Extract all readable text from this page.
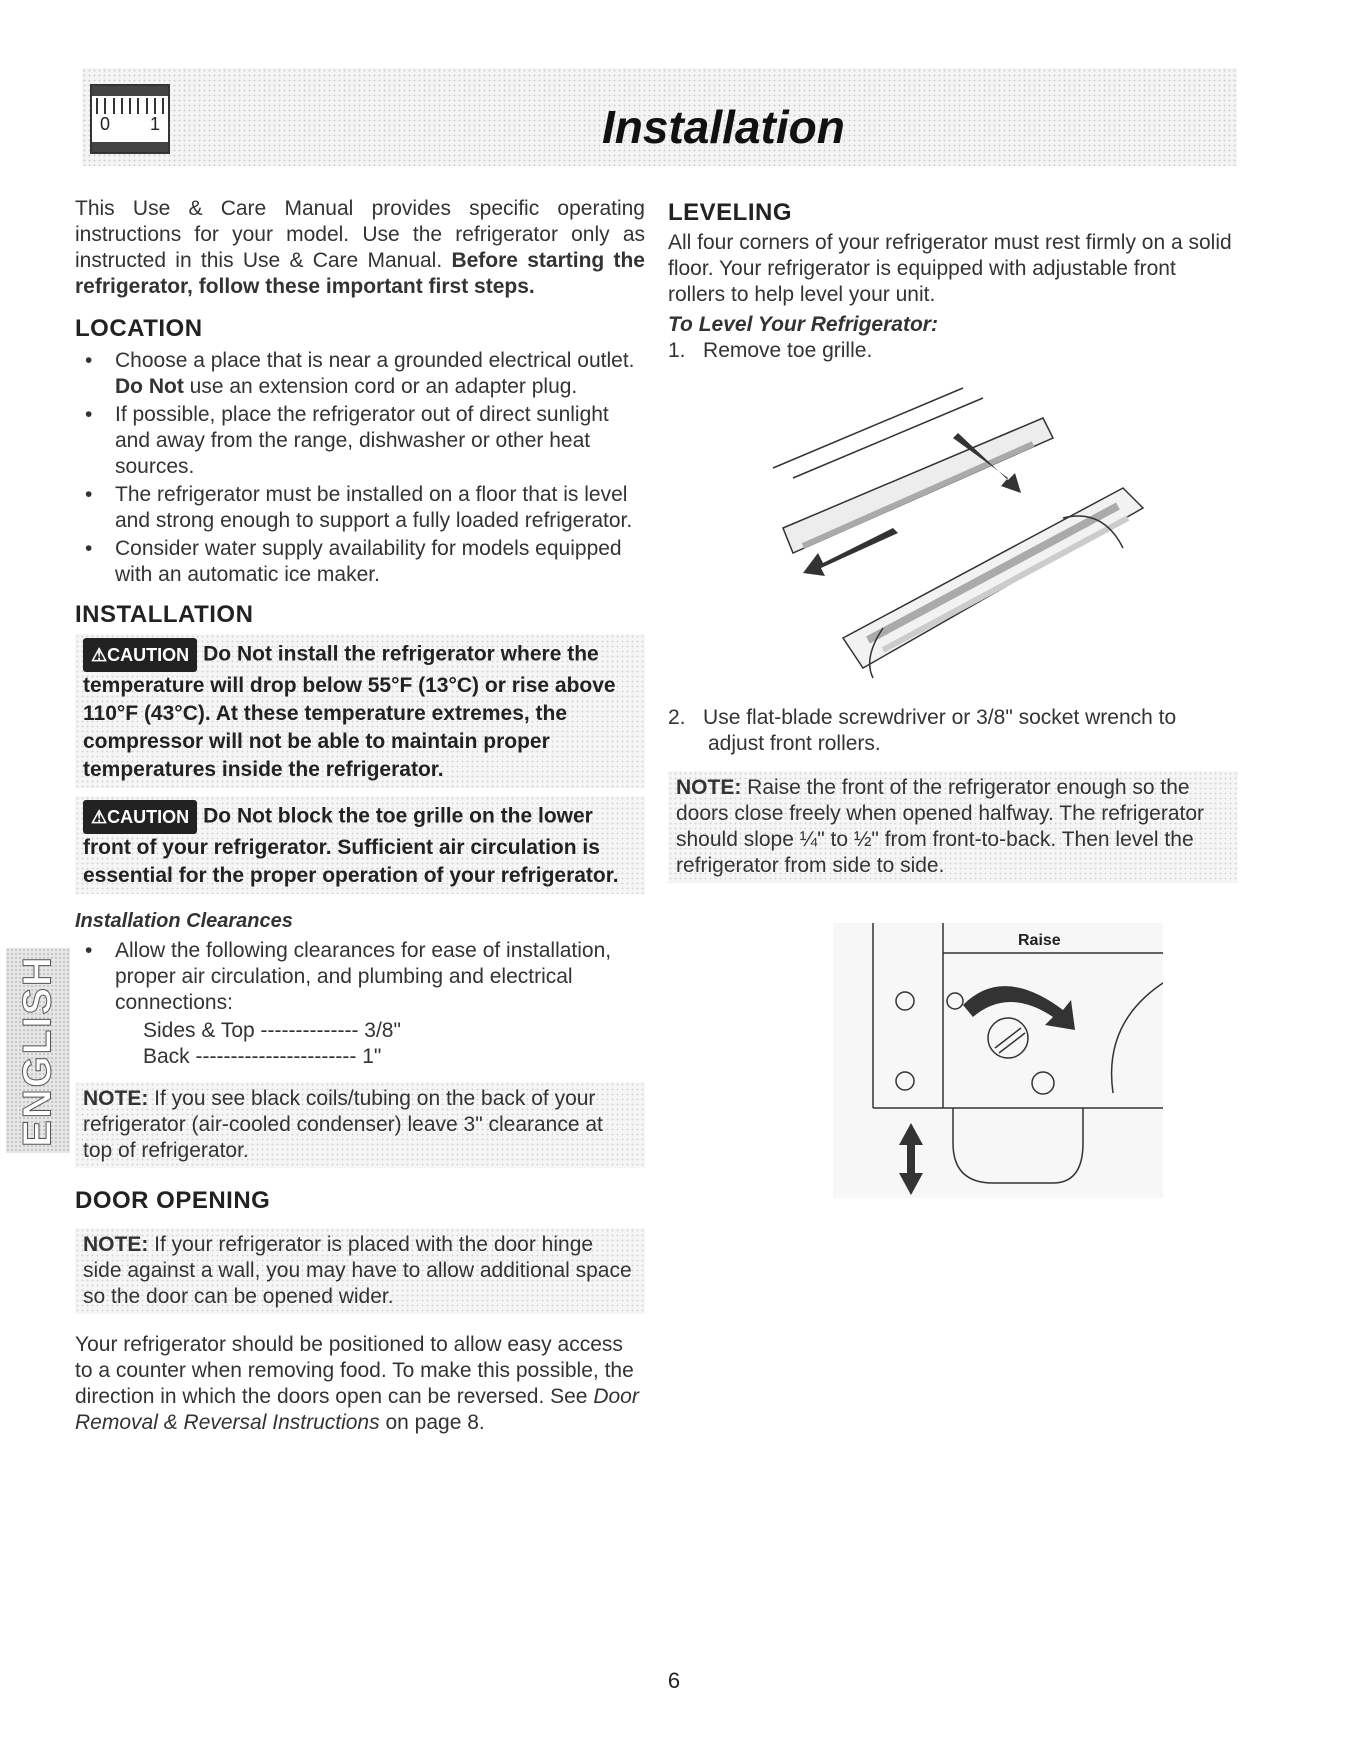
0 1	Installation
ENGLISH

This Use & Care Manual provides specific operating instructions for your model. Use the refrigerator only as instructed in this Use & Care Manual. Before starting the refrigerator, follow these important first steps.

LOCATION

• Choose a place that is near a grounded electrical outlet. Do Not use an extension cord or an adapter plug.
• If possible, place the refrigerator out of direct sunlight and away from the range, dishwasher or other heat sources.
• The refrigerator must be installed on a floor that is level and strong enough to support a fully loaded refrigerator.
• Consider water supply availability for models equipped with an automatic ice maker.

INSTALLATION

⚠CAUTION Do Not install the refrigerator where the temperature will drop below 55°F (13°C) or rise above 110°F (43°C). At these temperature extremes, the compressor will not be able to maintain proper temperatures inside the refrigerator.
⚠CAUTION Do Not block the toe grille on the lower front of your refrigerator. Sufficient air circulation is essential for the proper operation of your refrigerator.

Installation Clearances

• Allow the following clearances for ease of installation, proper air circulation, and plumbing and electrical connections:
Sides & Top -------------- 3/8"
Back ----------------------- 1"
NOTE: If you see black coils/tubing on the back of your refrigerator (air-cooled condenser) leave 3" clearance at top of refrigerator.

DOOR OPENING

NOTE: If your refrigerator is placed with the door hinge side against a wall, you may have to allow additional space so the door can be opened wider.

Your refrigerator should be positioned to allow easy access to a counter when removing food. To make this possible, the direction in which the doors open can be reversed. See Door Removal & Reversal Instructions on page 8.

LEVELING

All four corners of your refrigerator must rest firmly on a solid floor. Your refrigerator is equipped with adjustable front rollers to help level your unit.

To Level Your Refrigerator:

1. Remove toe grille.

2. Use flat-blade screwdriver or 3/8" socket wrench to adjust front rollers.

NOTE: Raise the front of the refrigerator enough so the doors close freely when opened halfway. The refrigerator should slope ¼" to ½" from front-to-back. Then level the refrigerator from side to side.
Raise
6
